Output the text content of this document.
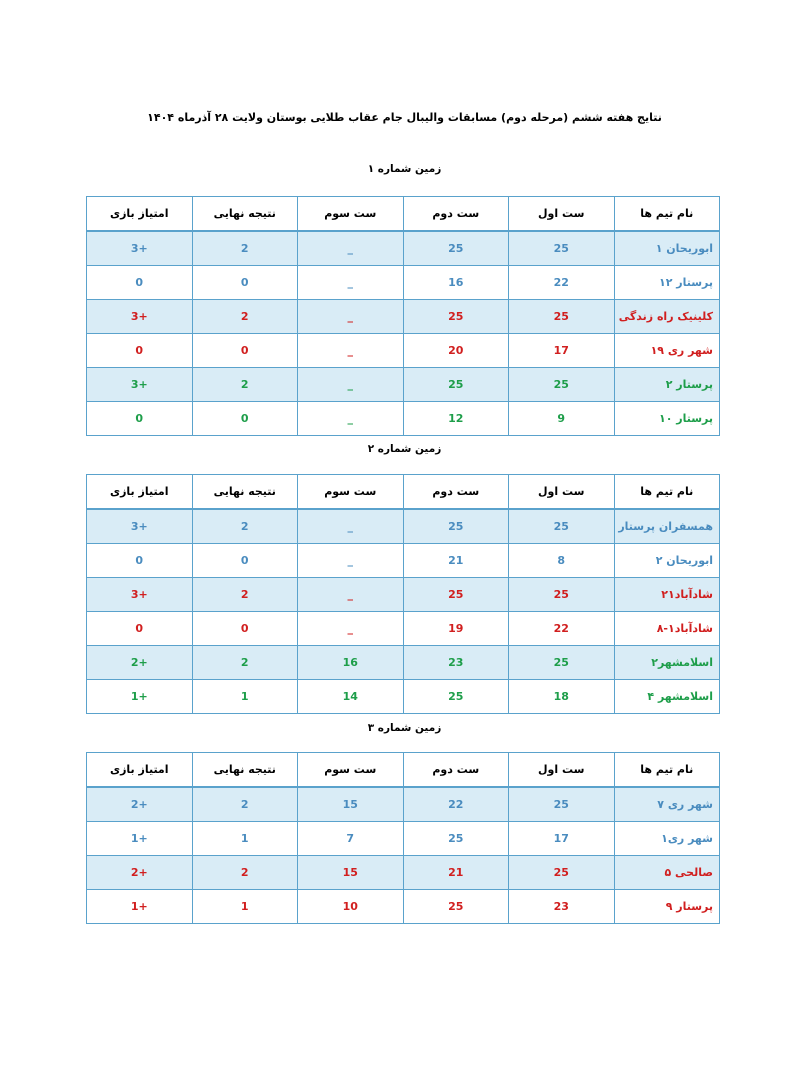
نتایج هفته ششم (مرحله دوم) مسابقات والیبال جام عقاب طلایی بوستان ولایت ۲۸ آذرماه ۱۴۰۴
زمین شماره ۱
نام تیم ها	ست اول	ست دوم	ست سوم	نتیجه نهایی	امتیاز بازی
ابوریحان ۱	25	25	_	2	+3
پرستار ۱۲	22	16	_	0	0
کلینیک راه زندگی	25	25	_	2	+3
شهر ری ۱۹	17	20	_	0	0
پرستار ۲	25	25	_	2	+3
پرستار ۱۰	9	12	_	0	0
زمین شماره ۲
نام تیم ها	ست اول	ست دوم	ست سوم	نتیجه نهایی	امتیاز بازی
همسفران پرستار	25	25	_	2	+3
ابوریحان ۲	8	21	_	0	0
شادآباد۲۱	25	25	_	2	+3
شادآباد۱-۸	22	19	_	0	0
اسلامشهر۲	25	23	16	2	+2
اسلامشهر ۴	18	25	14	1	+1
زمین شماره ۳
نام تیم ها	ست اول	ست دوم	ست سوم	نتیجه نهایی	امتیاز بازی
شهر ری ۷	25	22	15	2	+2
شهر ری۱	17	25	7	1	+1
صالحی ۵	25	21	15	2	+2
پرستار ۹	23	25	10	1	+1
